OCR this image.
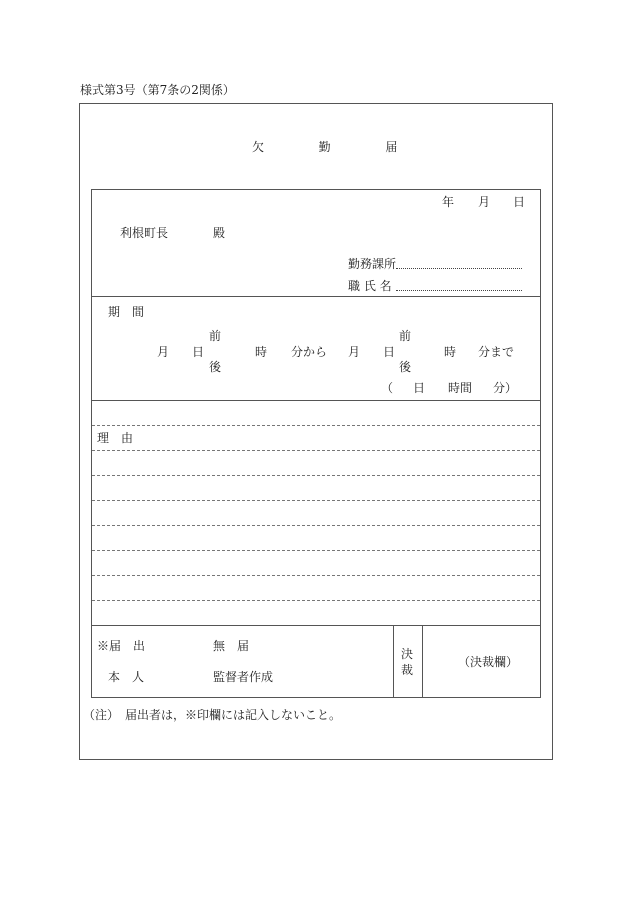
様式第3号（第7条の2関係）
欠	勤	届
年 月 日
利根町長	殿
勤務課所
職 氏 名
期　間
前
月 日
後
時 分から
前
月 日
後
時 分まで
（ 日 時間 分）
理　由
※届　出	無　届
本　人	監督者作成
決
裁
（決裁欄）
（注）　届出者は，※印欄には記入しないこと。
